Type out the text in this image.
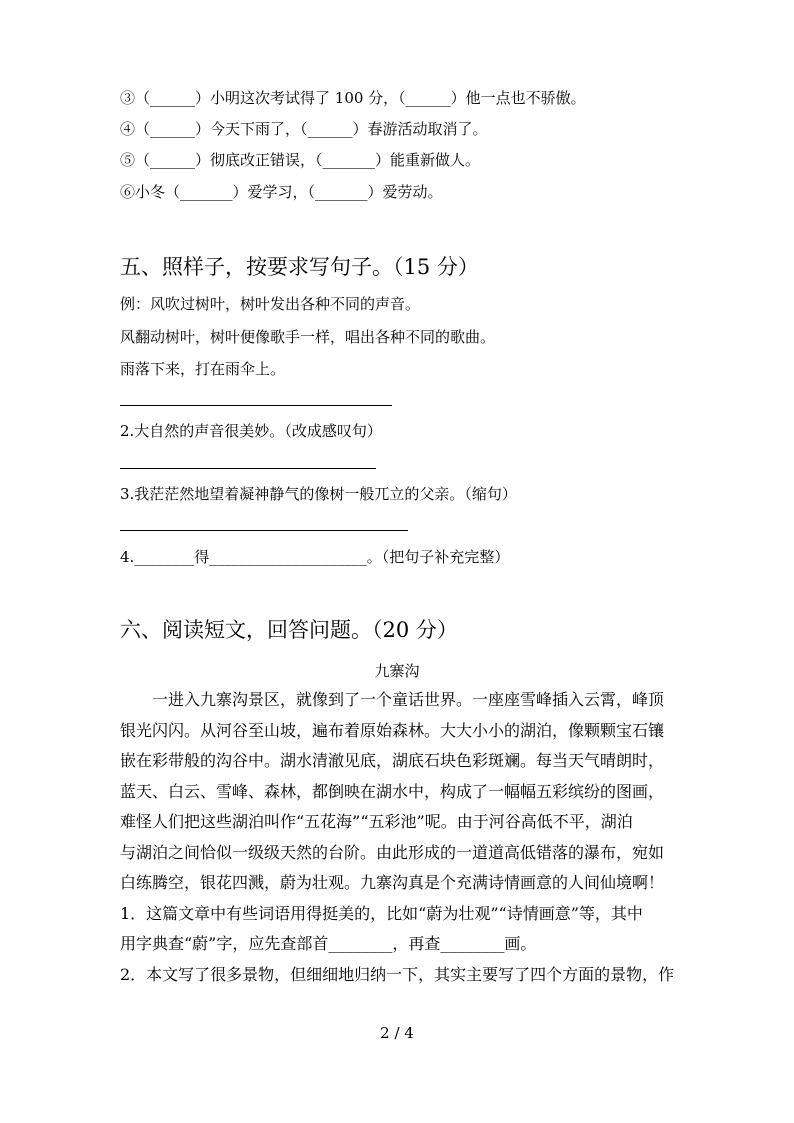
③（______）小明这次考试得了 100 分，（______）他一点也不骄傲。
④（______）今天下雨了，（______）春游活动取消了。
⑤（______）彻底改正错误，（_______）能重新做人。
⑥小冬（_______）爱学习，（_______）爱劳动。
五、照样子，按要求写句子。（15 分）
例：风吹过树叶，树叶发出各种不同的声音。
风翻动树叶，树叶便像歌手一样，唱出各种不同的歌曲。
雨落下来，打在雨伞上。
2.大自然的声音很美妙。（改成感叹句）
3.我茫茫然地望着凝神静气的像树一般兀立的父亲。（缩句）
4.________得_____________________。（把句子补充完整）
六、阅读短文，回答问题。（20 分）
九寨沟
一进入九寨沟景区，就像到了一个童话世界。一座座雪峰插入云霄，峰顶
银光闪闪。从河谷至山坡，遍布着原始森林。大大小小的湖泊，像颗颗宝石镶
嵌在彩带般的沟谷中。湖水清澈见底，湖底石块色彩斑斓。每当天气晴朗时，
蓝天、白云、雪峰、森林，都倒映在湖水中，构成了一幅幅五彩缤纷的图画，
难怪人们把这些湖泊叫作“五花海”“五彩池”呢。由于河谷高低不平，湖泊
与湖泊之间恰似一级级天然的台阶。由此形成的一道道高低错落的瀑布，宛如
白练腾空，银花四溅，蔚为壮观。九寨沟真是个充满诗情画意的人间仙境啊！
1．这篇文章中有些词语用得挺美的，比如“蔚为壮观”“诗情画意”等，其中
用字典查“蔚”字，应先查部首________，再查________画。
2．本文写了很多景物，但细细地归纳一下，其实主要写了四个方面的景物，作
2 / 4
